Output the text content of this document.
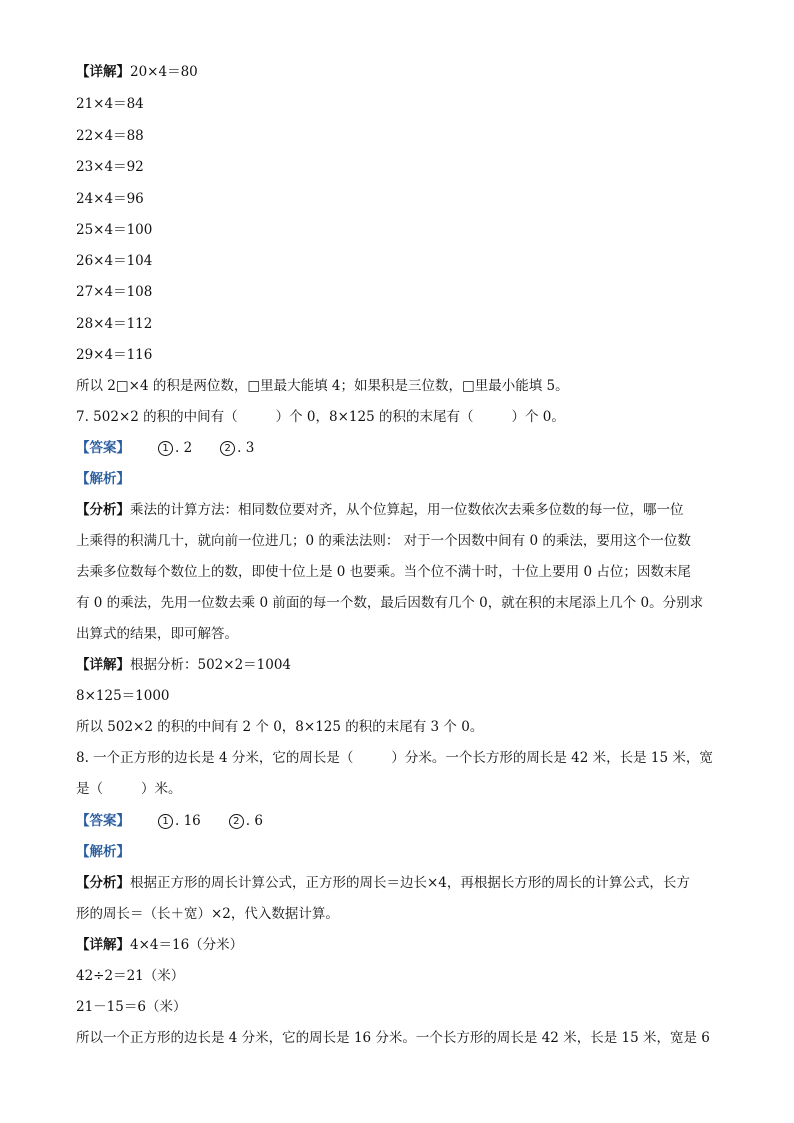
【详解】20×4＝80
21×4＝84
22×4＝88
23×4＝92
24×4＝96
25×4＝100
26×4＝104
27×4＝108
28×4＝112
29×4＝116
所以 2□×4 的积是两位数，□里最大能填 4；如果积是三位数，□里最小能填 5。
7. 502×2 的积的中间有（	）个 0，8×125 的积的末尾有（	）个 0。
【答案】	1 . 2	2 . 3
【解析】
【分析】乘法的计算方法：相同数位要对齐，从个位算起，用一位数依次去乘多位数的每一位，哪一位
上乘得的积满几十，就向前一位进几；0 的乘法法则： 对于一个因数中间有 0 的乘法，要用这个一位数
去乘多位数每个数位上的数，即使十位上是 0 也要乘。当个位不满十时，十位上要用 0 占位；因数末尾
有 0 的乘法，先用一位数去乘 0 前面的每一个数，最后因数有几个 0，就在积的末尾添上几个 0。分别求
出算式的结果，即可解答。
【详解】根据分析：502×2＝1004
8×125＝1000
所以 502×2 的积的中间有 2 个 0，8×125 的积的末尾有 3 个 0。
8. 一个正方形的边长是 4 分米，它的周长是（	）分米。一个长方形的周长是 42 米，长是 15 米，宽
是（	）米。
【答案】	1 . 16	2 . 6
【解析】
【分析】根据正方形的周长计算公式，正方形的周长＝边长×4，再根据长方形的周长的计算公式，长方
形的周长＝（长＋宽）×2，代入数据计算。
【详解】4×4＝16（分米）
42÷2＝21（米）
21－15＝6（米）
所以一个正方形的边长是 4 分米，它的周长是 16 分米。一个长方形的周长是 42 米，长是 15 米，宽是 6
